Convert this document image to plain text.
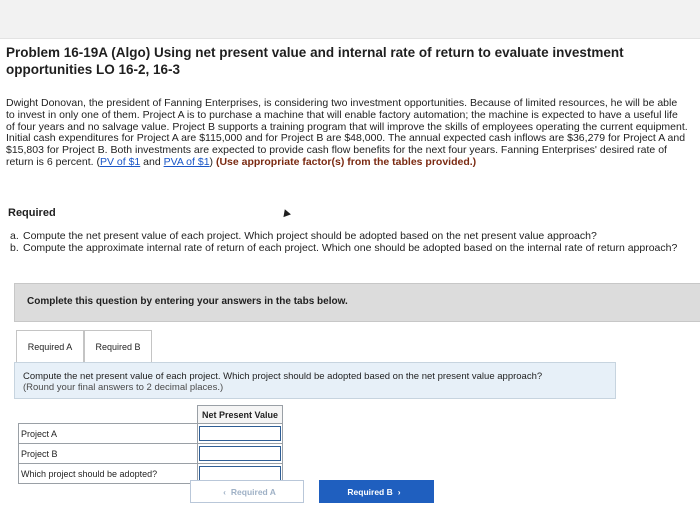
Problem 16-19A (Algo) Using net present value and internal rate of return to evaluate investment opportunities LO 16-2, 16-3
Dwight Donovan, the president of Fanning Enterprises, is considering two investment opportunities. Because of limited resources, he will be able to invest in only one of them. Project A is to purchase a machine that will enable factory automation; the machine is expected to have a useful life of four years and no salvage value. Project B supports a training program that will improve the skills of employees operating the current equipment. Initial cash expenditures for Project A are $115,000 and for Project B are $48,000. The annual expected cash inflows are $36,279 for Project A and $15,803 for Project B. Both investments are expected to provide cash flow benefits for the next four years. Fanning Enterprises' desired rate of return is 6 percent. (PV of $1 and PVA of $1) (Use appropriate factor(s) from the tables provided.)
Required
a. Compute the net present value of each project. Which project should be adopted based on the net present value approach?
b. Compute the approximate internal rate of return of each project. Which one should be adopted based on the internal rate of return approach?
Complete this question by entering your answers in the tabs below.
Required A	Required B
Compute the net present value of each project. Which project should be adopted based on the net present value approach?
(Round your final answers to 2 decimal places.)
	Net Present Value
Project A	

Project B	

Which project should be adopted?	
‹ Required A	Required B ›
